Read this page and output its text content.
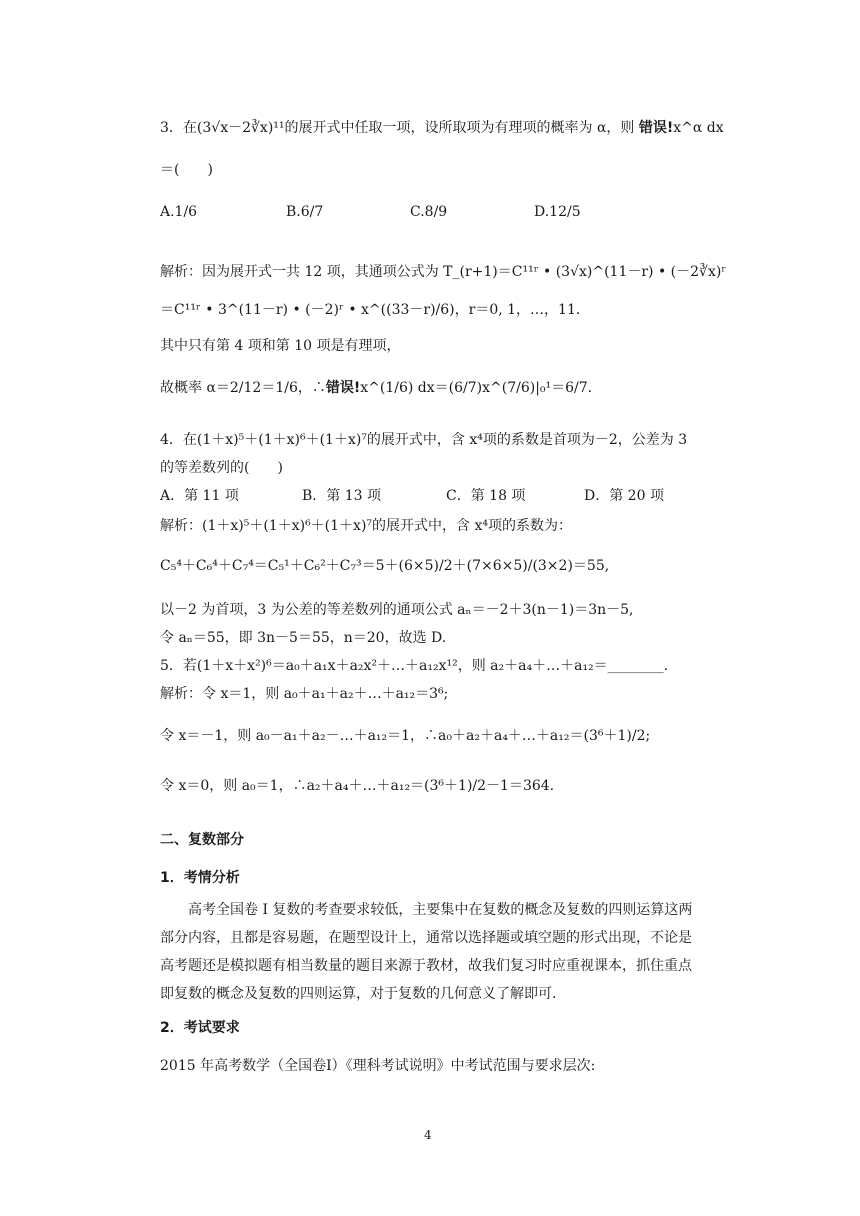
3．在(3√x－2∛x)¹¹的展开式中任取一项，设所取项为有理项的概率为 α，则 错误!x^α dx
＝(　　)
A.1/6	B.6/7	C.8/9	D.12/5
解析：因为展开式一共 12 项，其通项公式为 T_(r+1)＝C¹¹ʳ • (3√x)^(11－r) • (－2∛x)ʳ
＝C¹¹ʳ • 3^(11－r) • (－2)ʳ • x^((33－r)/6)，r＝0, 1，…，11.
其中只有第 4 项和第 10 项是有理项，
故概率 α＝2/12＝1/6，∴错误!x^(1/6) dx＝(6/7)x^(7/6)|₀¹＝6/7.
4．在(1＋x)⁵＋(1＋x)⁶＋(1＋x)⁷的展开式中，含 x⁴项的系数是首项为－2，公差为 3
的等差数列的(　　)
A．第 11 项	B．第 13 项	C．第 18 项	D．第 20 项
解析：(1＋x)⁵＋(1＋x)⁶＋(1＋x)⁷的展开式中，含 x⁴项的系数为：
C₅⁴＋C₆⁴＋C₇⁴＝C₅¹＋C₆²＋C₇³＝5＋(6×5)/2＋(7×6×5)/(3×2)＝55,
以－2 为首项，3 为公差的等差数列的通项公式 aₙ＝－2＋3(n－1)＝3n－5,
令 aₙ＝55，即 3n－5＝55，n＝20，故选 D.
5．若(1＋x＋x²)⁶＝a₀＋a₁x＋a₂x²＋…＋a₁₂x¹²，则 a₂＋a₄＋…＋a₁₂＝________.
解析：令 x＝1，则 a₀＋a₁＋a₂＋…＋a₁₂＝3⁶;
令 x＝－1，则 a₀－a₁＋a₂－…＋a₁₂＝1，∴a₀＋a₂＋a₄＋…＋a₁₂＝(3⁶＋1)/2;
令 x＝0，则 a₀＝1，∴a₂＋a₄＋…＋a₁₂＝(3⁶＋1)/2－1＝364.
二、复数部分
1．考情分析
高考全国卷 I 复数的考查要求较低，主要集中在复数的概念及复数的四则运算这两部分内容，且都是容易题，在题型设计上，通常以选择题或填空题的形式出现，不论是高考题还是模拟题有相当数量的题目来源于教材，故我们复习时应重视课本，抓住重点即复数的概念及复数的四则运算，对于复数的几何意义了解即可.
2．考试要求
2015 年高考数学（全国卷Ⅰ）《理科考试说明》中考试范围与要求层次:
4
